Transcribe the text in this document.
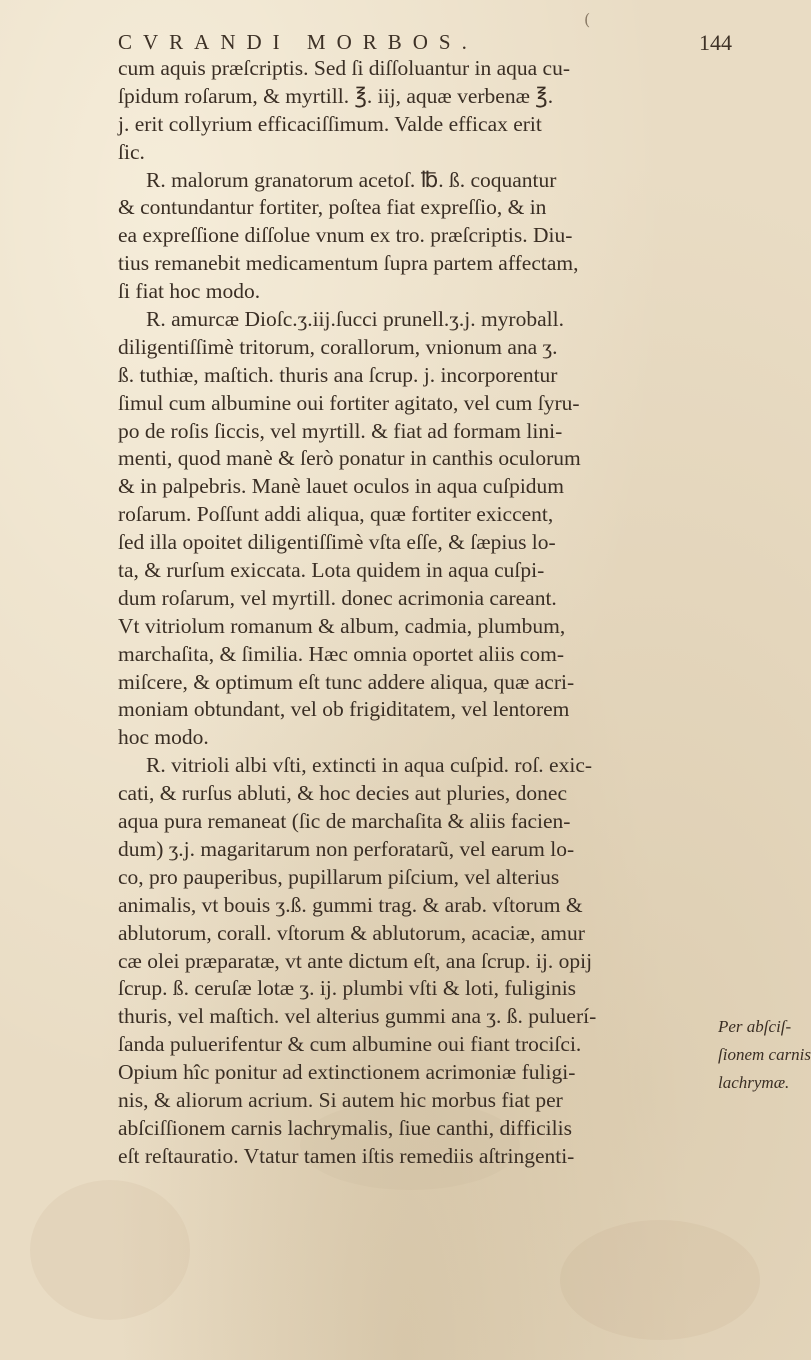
(
CVRANDI MORBOS.	144
cum aquis præſcriptis. Sed ſi diſſoluantur in aqua cu-
ſpidum roſarum, & myrtill. ℥. iij, aquæ verbenæ ℥.
j. erit collyrium efficaciſſimum. Valde efficax erit
ſic.
R. malorum granatorum acetoſ. ℔. ß. coquantur
& contundantur fortiter, poſtea fiat expreſſio, & in
ea expreſſione diſſolue vnum ex tro. præſcriptis. Diu-
tius remanebit medicamentum ſupra partem affectam,
ſi fiat hoc modo.
R. amurcæ Dioſc.ʒ.iij.ſucci prunell.ʒ.j. myroball.
diligentiſſimè tritorum, corallorum, vnionum ana ʒ.
ß. tuthiæ, maſtich. thuris ana ſcrup. j. incorporentur
ſimul cum albumine oui fortiter agitato, vel cum ſyru-
po de roſis ſiccis, vel myrtill. & fiat ad formam lini-
menti, quod manè & ſerò ponatur in canthis oculorum
& in palpebris. Manè lauet oculos in aqua cuſpidum
roſarum. Poſſunt addi aliqua, quæ fortiter exiccent,
ſed illa opoitet diligentiſſimè vſta eſſe, & ſæpius lo-
ta, & rurſum exiccata. Lota quidem in aqua cuſpi-
dum roſarum, vel myrtill. donec acrimonia careant.
Vt vitriolum romanum & album, cadmia, plumbum,
marchaſita, & ſimilia. Hæc omnia oportet aliis com-
miſcere, & optimum eſt tunc addere aliqua, quæ acri-
moniam obtundant, vel ob frigiditatem, vel lentorem
hoc modo.
R. vitrioli albi vſti, extincti in aqua cuſpid. roſ. exic-
cati, & rurſus abluti, & hoc decies aut pluries, donec
aqua pura remaneat (ſic de marchaſita & aliis facien-
dum) ʒ.j. magaritarum non perforatarũ, vel earum lo-
co, pro pauperibus, pupillarum piſcium, vel alterius
animalis, vt bouis ʒ.ß. gummi trag. & arab. vſtorum &
ablutorum, corall. vſtorum & ablutorum, acaciæ, amur
cæ olei præparatæ, vt ante dictum eſt, ana ſcrup. ij. opij
ſcrup. ß. ceruſæ lotæ ʒ. ij. plumbi vſti & loti, fuliginis
thuris, vel maſtich. vel alterius gummi ana ʒ. ß. puluerí-
ſanda puluerifentur & cum albumine oui fiant trociſci.
Opium hîc ponitur ad extinctionem acrimoniæ fuligi-
nis, & aliorum acrium. Si autem hic morbus fiat per
abſciſſionem carnis lachrymalis, ſiue canthi, difficilis
eſt reſtauratio. Vtatur tamen iſtis remediis aſtringenti-
Per abſciſ-
ſionem carnis
lachrymæ.
